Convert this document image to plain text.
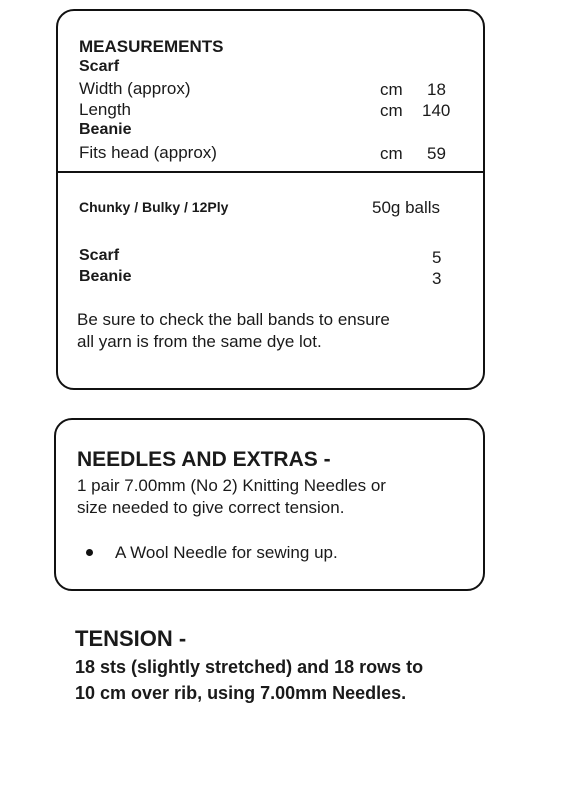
MEASUREMENTS
Scarf
Width (approx)	cm 18
Length	cm 140
Beanie
Fits head (approx)	cm 59
Chunky / Bulky / 12Ply	50g balls
Scarf	5
Beanie	3
Be sure to check the ball bands to ensure
all yarn is from the same dye lot.
NEEDLES AND EXTRAS -
1 pair 7.00mm (No 2) Knitting Needles or
size needed to give correct tension.
A Wool Needle for sewing up.
TENSION -
18 sts (slightly stretched) and 18 rows to
10 cm over rib, using 7.00mm Needles.
